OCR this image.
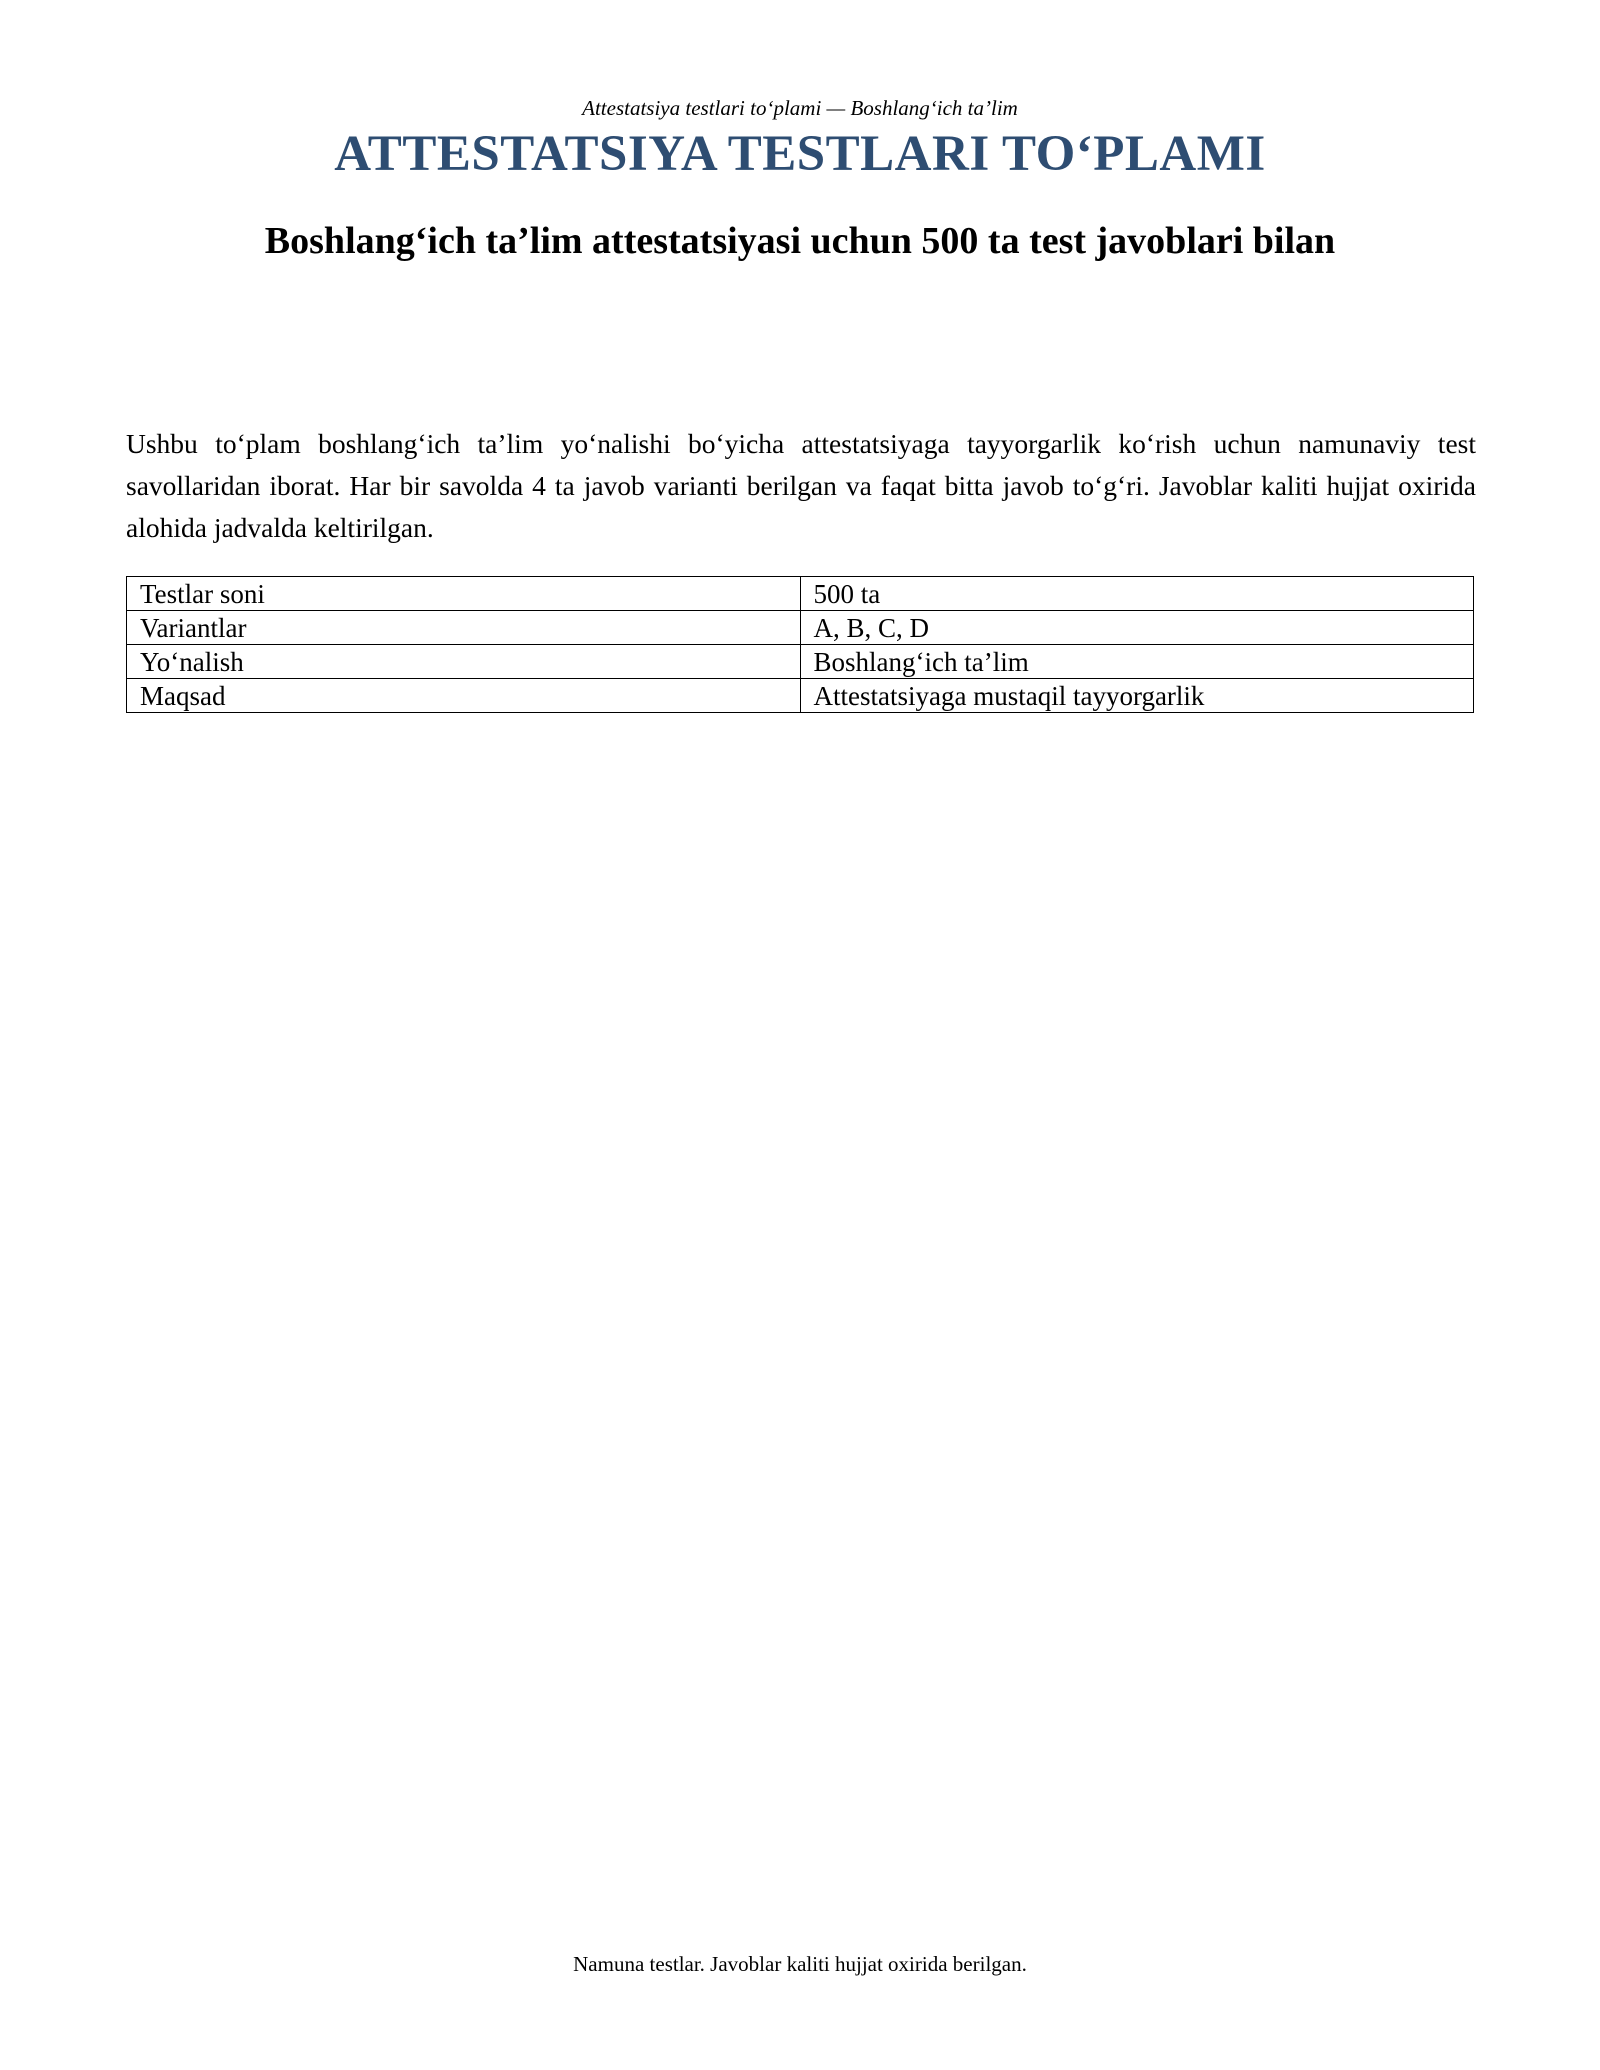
Attestatsiya testlari to‘plami — Boshlang‘ich ta’lim
ATTESTATSIYA TESTLARI TO‘PLAMI
Boshlang‘ich ta’lim attestatsiyasi uchun 500 ta test javoblari bilan

Ushbu to‘plam boshlang‘ich ta’lim yo‘nalishi bo‘yicha attestatsiyaga tayyorgarlik ko‘rish uchun namunaviy test savollaridan iborat. Har bir savolda 4 ta javob varianti berilgan va faqat bitta javob to‘g‘ri. Javoblar kaliti hujjat oxirida alohida jadvalda keltirilgan.

Testlar soni	500 ta
Variantlar	A, B, C, D
Yo‘nalish	Boshlang‘ich ta’lim
Maqsad	Attestatsiyaga mustaqil tayyorgarlik
Namuna testlar. Javoblar kaliti hujjat oxirida berilgan.
